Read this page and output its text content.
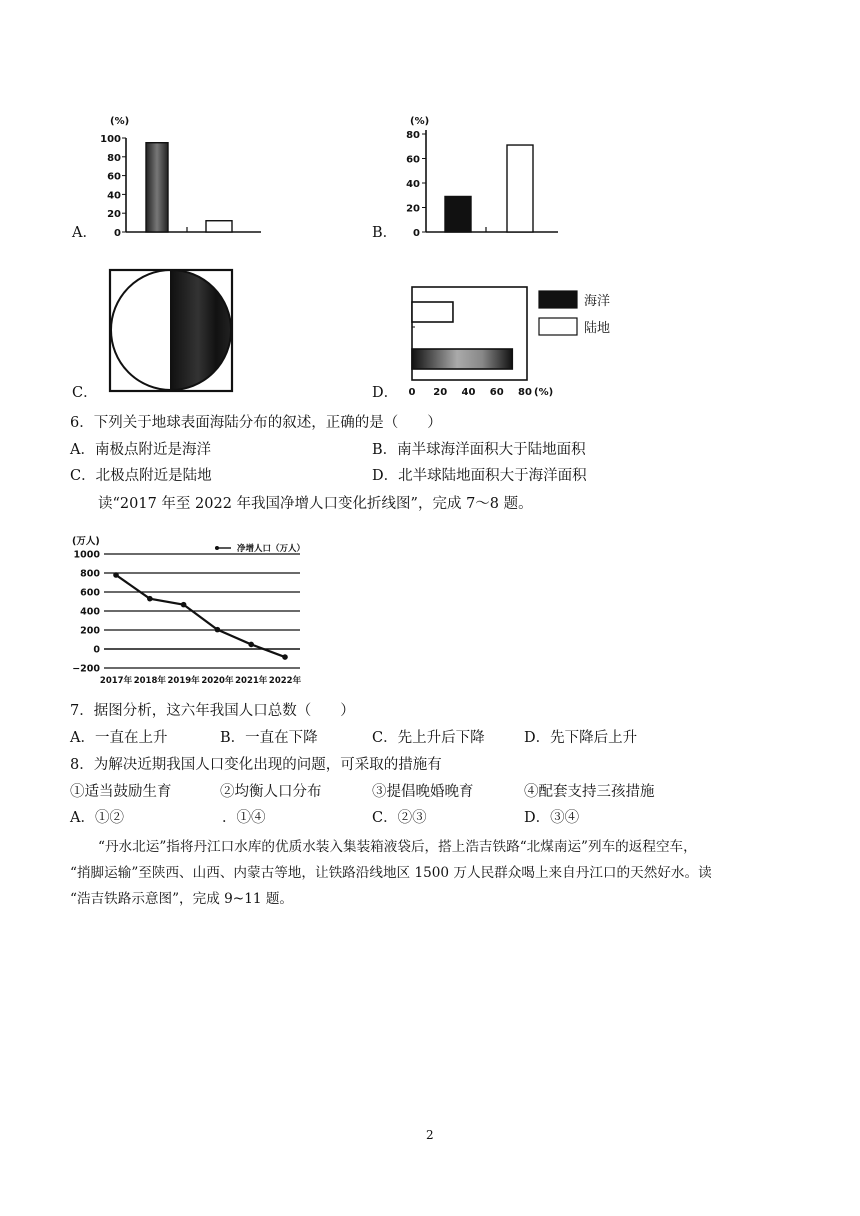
A．
(%)
100
80
60
40
20
0	B．
(%)
80
60
40
20
0
C．	D． 0 20 40 60 80 (%)
海洋
陆地
6．下列关于地球表面海陆分布的叙述，正确的是（　　）
A．南极点附近是海洋	B．南半球海洋面积大于陆地面积
C．北极点附近是陆地	D．北半球陆地面积大于海洋面积
读“2017 年至 2022 年我国净增人口变化折线图”，完成 7～8 题。
(万人)
1000
800
600
400
200
0
−200
2017年 2018年 2019年 2020年 2021年 2022年
净增人口（万人）
7．据图分析，这六年我国人口总数（　　）
A．一直在上升	B．一直在下降	C．先上升后下降	D．先下降后上升
8．为解决近期我国人口变化出现的问题，可采取的措施有
①适当鼓励生育	②均衡人口分布	③提倡晚婚晚育	④配套支持三孩措施
A．①②	．①④	C．②③	D．③④
“丹水北运”指将丹江口水库的优质水装入集装箱液袋后，搭上浩吉铁路“北煤南运”列车的返程空车，
“捎脚运输”至陕西、山西、内蒙古等地，让铁路沿线地区 1500 万人民群众喝上来自丹江口的天然好水。读
“浩吉铁路示意图”，完成 9~11 题。
2
